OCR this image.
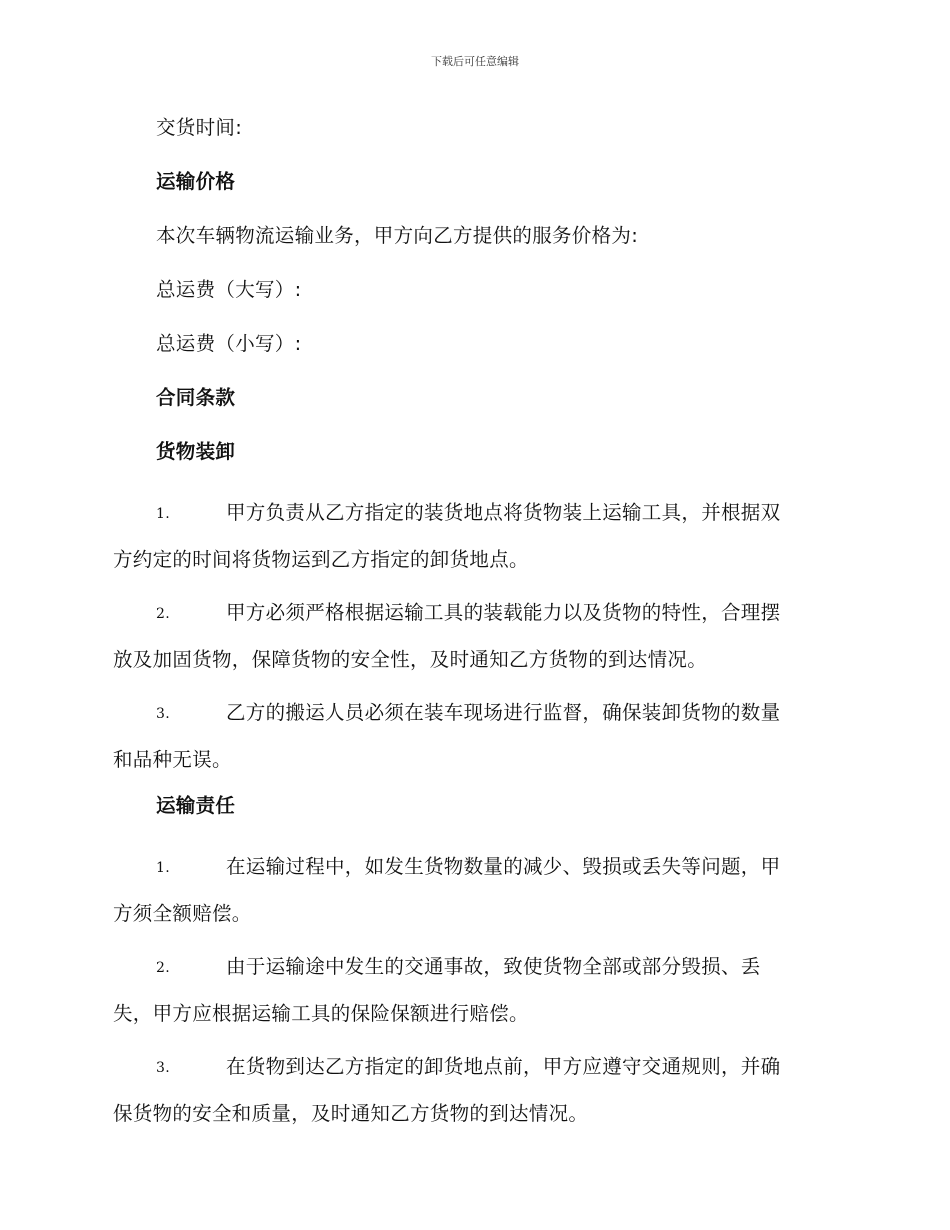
下载后可任意编辑

交货时间:

运输价格

本次车辆物流运输业务，甲方向乙方提供的服务价格为:

总运费（大写）:

总运费（小写）:

合同条款

货物装卸

1.	甲方负责从乙方指定的装货地点将货物装上运输工具，并根据双
方约定的时间将货物运到乙方指定的卸货地点。
2.	甲方必须严格根据运输工具的装载能力以及货物的特性，合理摆
放及加固货物，保障货物的安全性，及时通知乙方货物的到达情况。
3.	乙方的搬运人员必须在装车现场进行监督，确保装卸货物的数量
和品种无误。

运输责任

1.	在运输过程中，如发生货物数量的减少、毁损或丢失等问题，甲
方须全额赔偿。
2.	由于运输途中发生的交通事故，致使货物全部或部分毁损、丢
失，甲方应根据运输工具的保险保额进行赔偿。
3.	在货物到达乙方指定的卸货地点前，甲方应遵守交通规则，并确
保货物的安全和质量，及时通知乙方货物的到达情况。
